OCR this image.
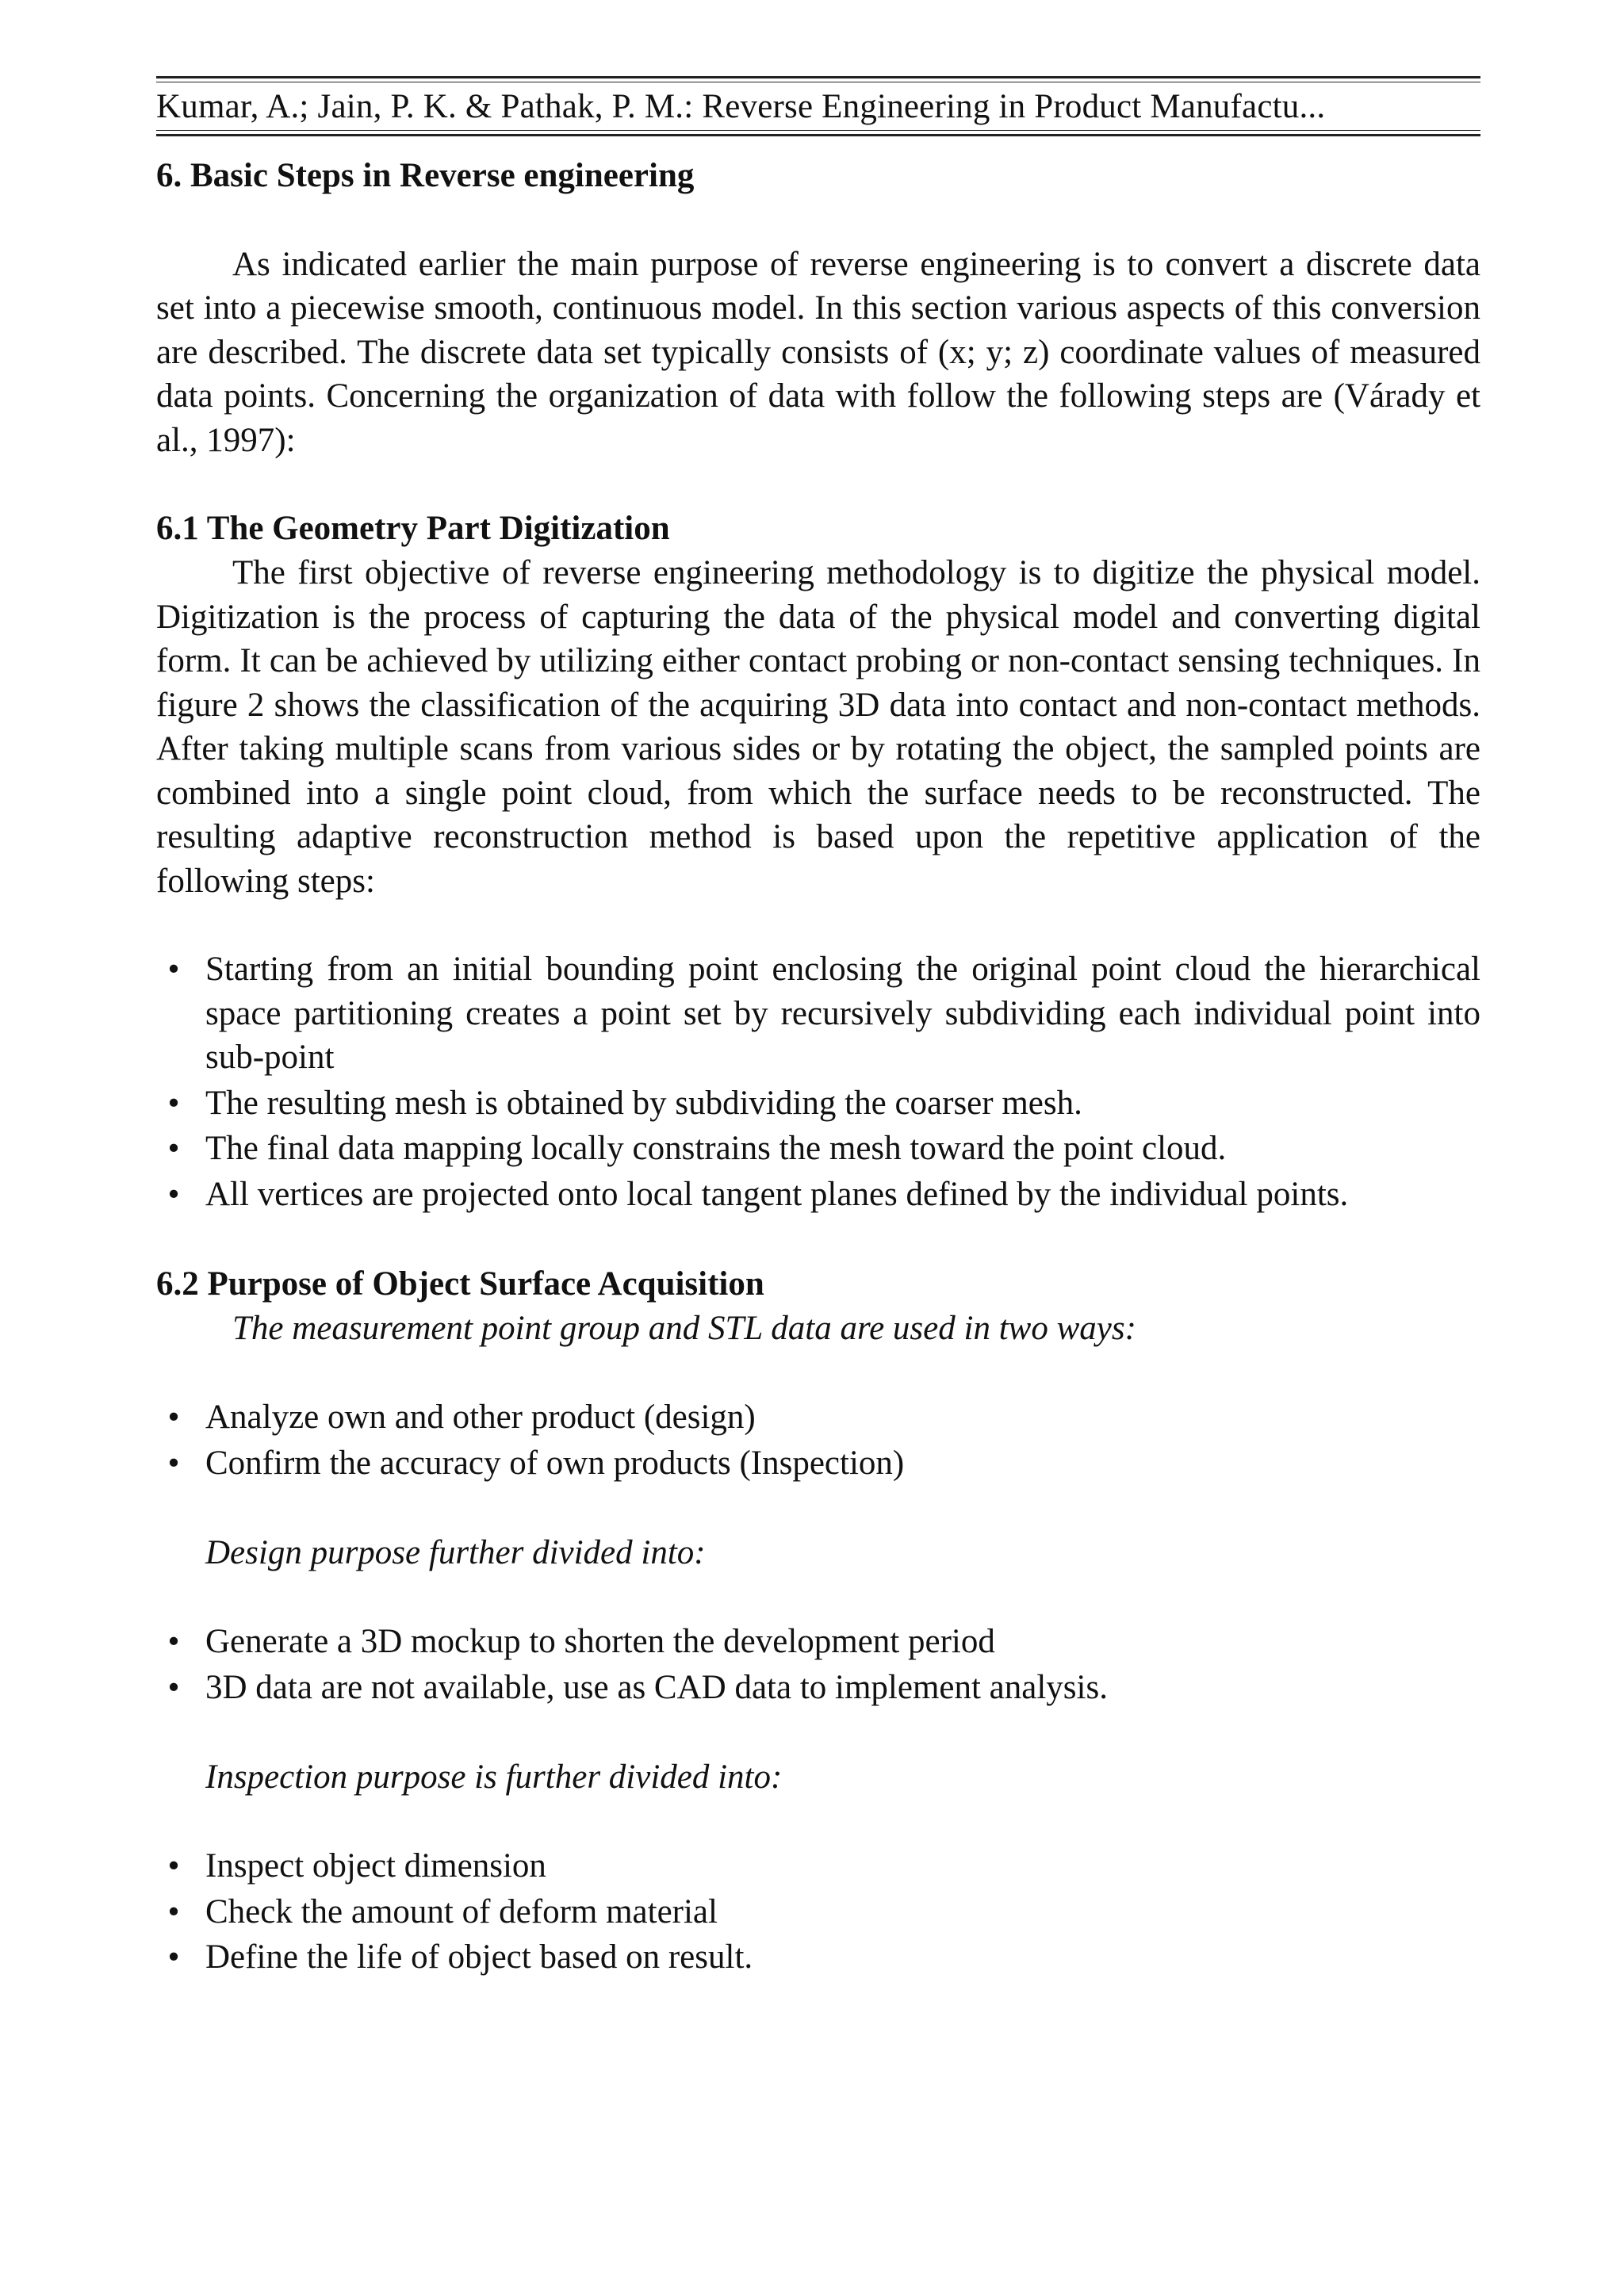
Kumar, A.; Jain, P. K. & Pathak, P. M.: Reverse Engineering in Product Manufactu...
6. Basic Steps in Reverse engineering

As indicated earlier the main purpose of reverse engineering is to convert a discrete data set into a piecewise smooth, continuous model. In this section various aspects of this conversion are described. The discrete data set typically consists of (x; y; z) coordinate values of measured data points. Concerning the organization of data with follow the following steps are (Várady et al., 1997):

6.1 The Geometry Part Digitization

The first objective of reverse engineering methodology is to digitize the physical model. Digitization is the process of capturing the data of the physical model and converting digital form. It can be achieved by utilizing either contact probing or non-contact sensing techniques. In figure 2 shows the classification of the acquiring 3D data into contact and non-contact methods. After taking multiple scans from various sides or by rotating the object, the sampled points are combined into a single point cloud, from which the surface needs to be reconstructed. The resulting adaptive reconstruction method is based upon the repetitive application of the following steps:

• Starting from an initial bounding point enclosing the original point cloud the hierarchical space partitioning creates a point set by recursively subdividing each individual point into sub-point
• The resulting mesh is obtained by subdividing the coarser mesh.
• The final data mapping locally constrains the mesh toward the point cloud.
• All vertices are projected onto local tangent planes defined by the individual points.
6.2 Purpose of Object Surface Acquisition

The measurement point group and STL data are used in two ways:

• Analyze own and other product (design)
• Confirm the accuracy of own products (Inspection)

Design purpose further divided into:

• Generate a 3D mockup to shorten the development period
• 3D data are not available, use as CAD data to implement analysis.

Inspection purpose is further divided into:

• Inspect object dimension
• Check the amount of deform material
• Define the life of object based on result.
